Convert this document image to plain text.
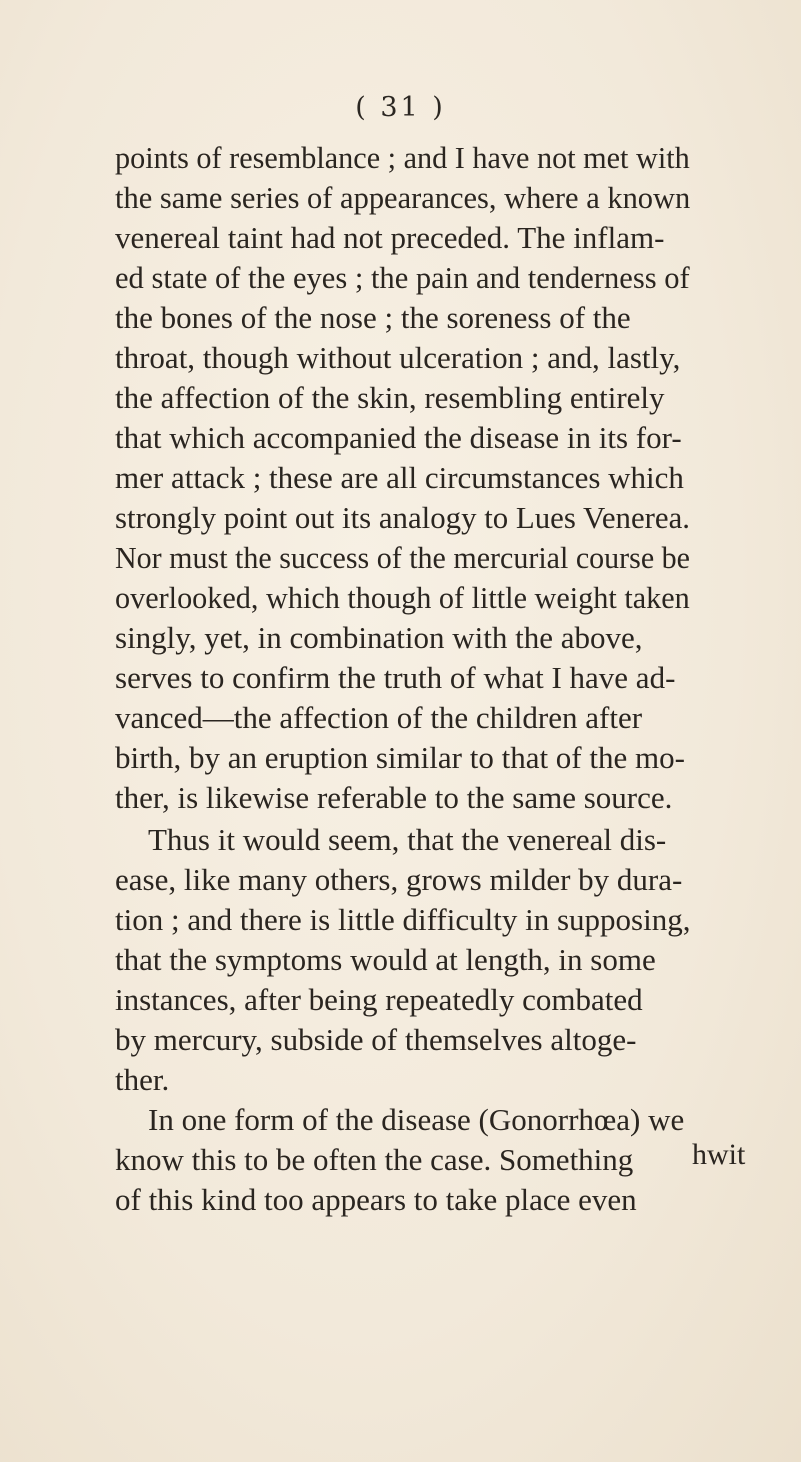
( 31 )
points of resemblance ; and I have not met with
the same series of appearances, where a known
venereal taint had not preceded. The inflam-
ed state of the eyes ; the pain and tenderness of
the bones of the nose ; the soreness of the
throat, though without ulceration ; and, lastly,
the affection of the skin, resembling entirely
that which accompanied the disease in its for-
mer attack ; these are all circumstances which
strongly point out its analogy to Lues Venerea.
Nor must the success of the mercurial course be
overlooked, which though of little weight taken
singly, yet, in combination with the above,
serves to confirm the truth of what I have ad-
vanced—the affection of the children after
birth, by an eruption similar to that of the mo-
ther, is likewise referable to the same source.
Thus it would seem, that the venereal dis-
ease, like many others, grows milder by dura-
tion ; and there is little difficulty in supposing,
that the symptoms would at length, in some
instances, after being repeatedly combated
by mercury, subside of themselves altoge-
ther.
In one form of the disease (Gonorrhœa) we
know this to be often the case. Something
of this kind too appears to take place even
hwit
